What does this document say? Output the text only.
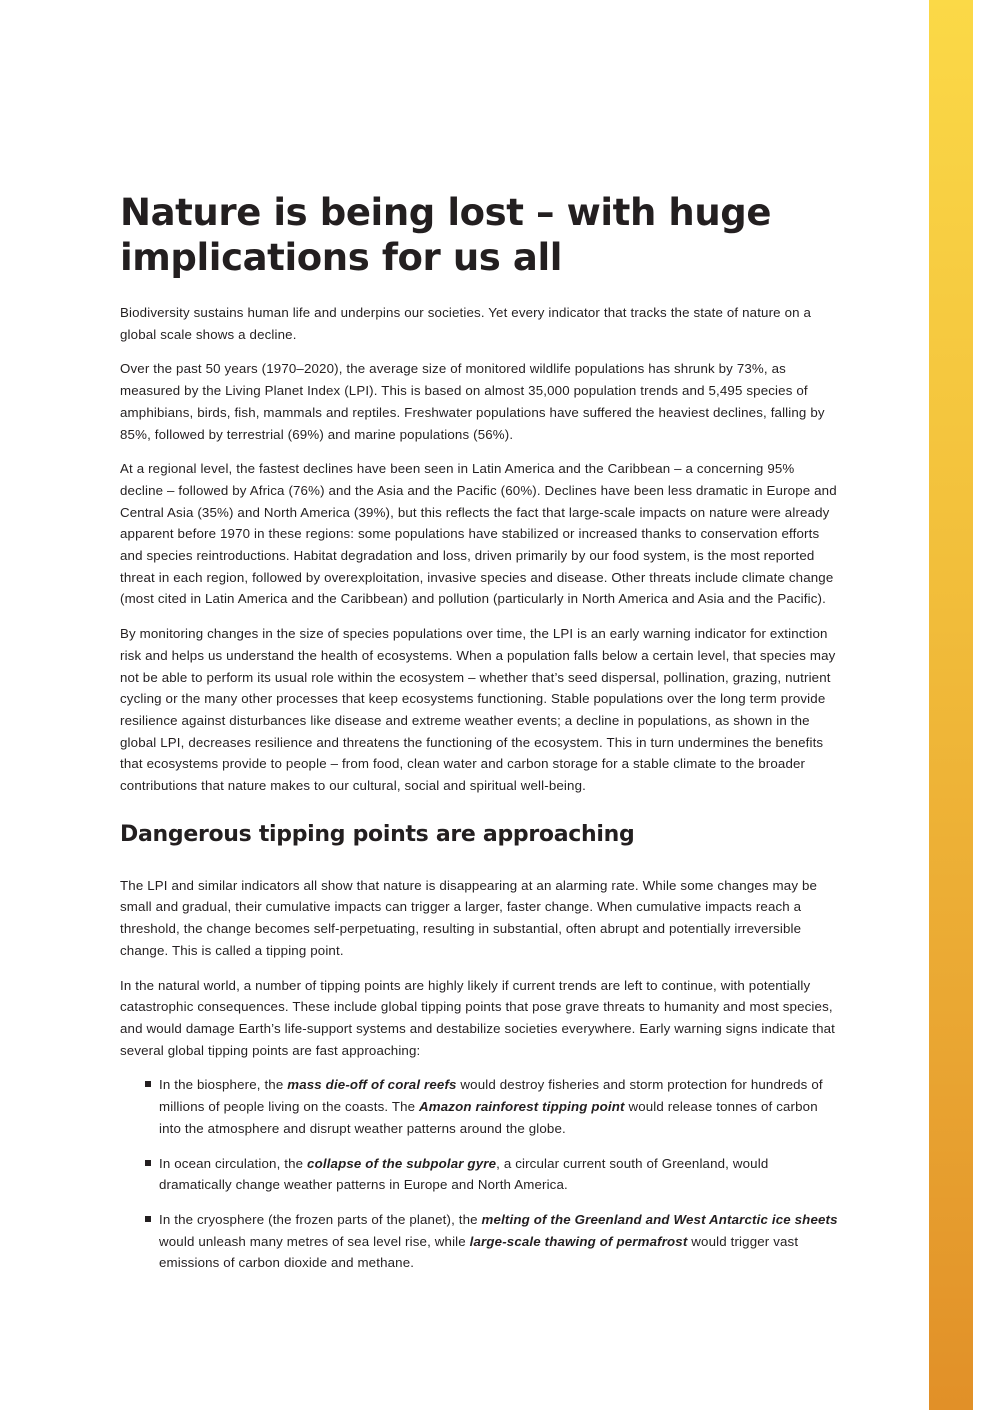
Nature is being lost – with huge implications for us all

Biodiversity sustains human life and underpins our societies. Yet every indicator that tracks the state of nature on a global scale shows a decline.

Over the past 50 years (1970–2020), the average size of monitored wildlife populations has shrunk by 73%, as measured by the Living Planet Index (LPI). This is based on almost 35,000 population trends and 5,495 species of amphibians, birds, fish, mammals and reptiles. Freshwater populations have suffered the heaviest declines, falling by 85%, followed by terrestrial (69%) and marine populations (56%).

At a regional level, the fastest declines have been seen in Latin America and the Caribbean – a concerning 95% decline – followed by Africa (76%) and the Asia and the Pacific (60%). Declines have been less dramatic in Europe and Central Asia (35%) and North America (39%), but this reflects the fact that large-scale impacts on nature were already apparent before 1970 in these regions: some populations have stabilized or increased thanks to conservation efforts and species reintroductions. Habitat degradation and loss, driven primarily by our food system, is the most reported threat in each region, followed by overexploitation, invasive species and disease. Other threats include climate change (most cited in Latin America and the Caribbean) and pollution (particularly in North America and Asia and the Pacific).

By monitoring changes in the size of species populations over time, the LPI is an early warning indicator for extinction risk and helps us understand the health of ecosystems. When a population falls below a certain level, that species may not be able to perform its usual role within the ecosystem – whether that’s seed dispersal, pollination, grazing, nutrient cycling or the many other processes that keep ecosystems functioning. Stable populations over the long term provide resilience against disturbances like disease and extreme weather events; a decline in populations, as shown in the global LPI, decreases resilience and threatens the functioning of the ecosystem. This in turn undermines the benefits that ecosystems provide to people – from food, clean water and carbon storage for a stable climate to the broader contributions that nature makes to our cultural, social and spiritual well-being.

Dangerous tipping points are approaching

The LPI and similar indicators all show that nature is disappearing at an alarming rate. While some changes may be small and gradual, their cumulative impacts can trigger a larger, faster change. When cumulative impacts reach a threshold, the change becomes self-perpetuating, resulting in substantial, often abrupt and potentially irreversible change. This is called a tipping point.

In the natural world, a number of tipping points are highly likely if current trends are left to continue, with potentially catastrophic consequences. These include global tipping points that pose grave threats to humanity and most species, and would damage Earth’s life-support systems and destabilize societies everywhere. Early warning signs indicate that several global tipping points are fast approaching:

In the biosphere, the mass die-off of coral reefs would destroy fisheries and storm protection for hundreds of millions of people living on the coasts. The Amazon rainforest tipping point would release tonnes of carbon into the atmosphere and disrupt weather patterns around the globe.
In ocean circulation, the collapse of the subpolar gyre, a circular current south of Greenland, would dramatically change weather patterns in Europe and North America.
In the cryosphere (the frozen parts of the planet), the melting of the Greenland and West Antarctic ice sheets would unleash many metres of sea level rise, while large-scale thawing of permafrost would trigger vast emissions of carbon dioxide and methane.
